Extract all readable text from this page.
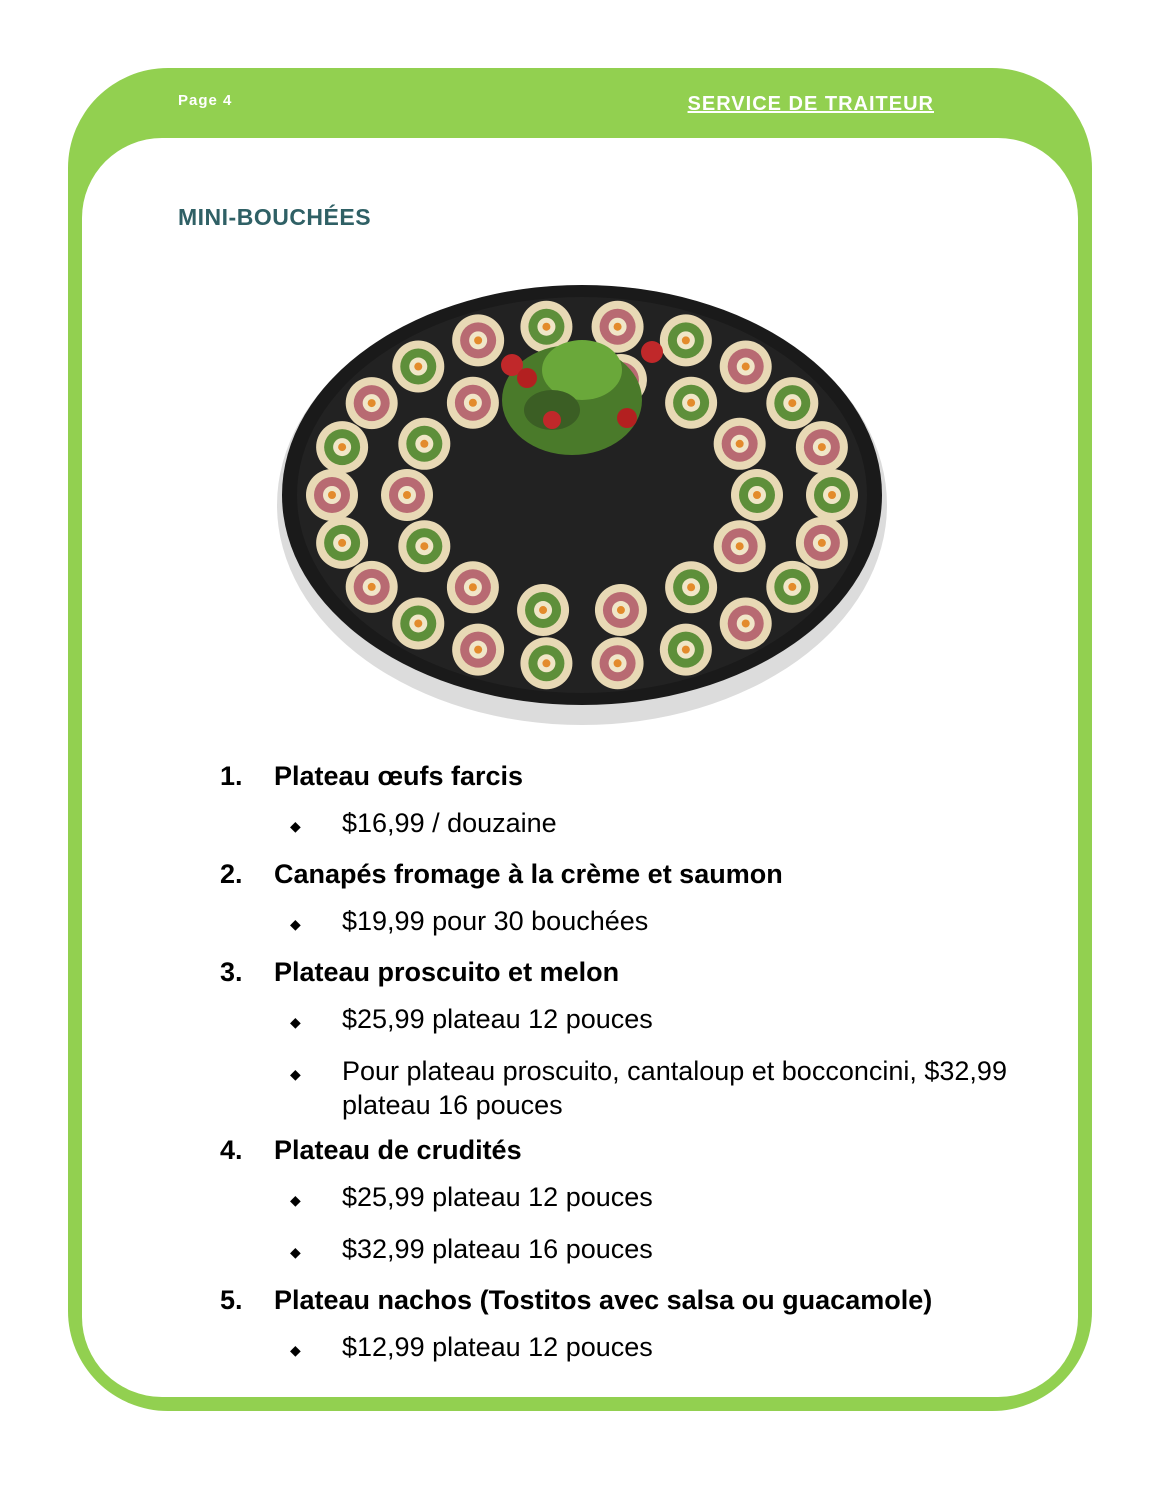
Page 4	SERVICE DE TRAITEUR
MINI-BOUCHÉES
1.	Plateau œufs farcis
◆	$16,99 / douzaine
2.	Canapés fromage à la crème et saumon
◆	$19,99 pour 30 bouchées
3.	Plateau proscuito et melon
◆	$25,99 plateau 12 pouces
◆	Pour plateau proscuito, cantaloup et bocconcini, $32,99 plateau 16 pouces
4.	Plateau de crudités
◆	$25,99 plateau 12 pouces
◆	$32,99 plateau 16 pouces
5.	Plateau nachos (Tostitos avec salsa ou guacamole)
◆	$12,99 plateau 12 pouces
